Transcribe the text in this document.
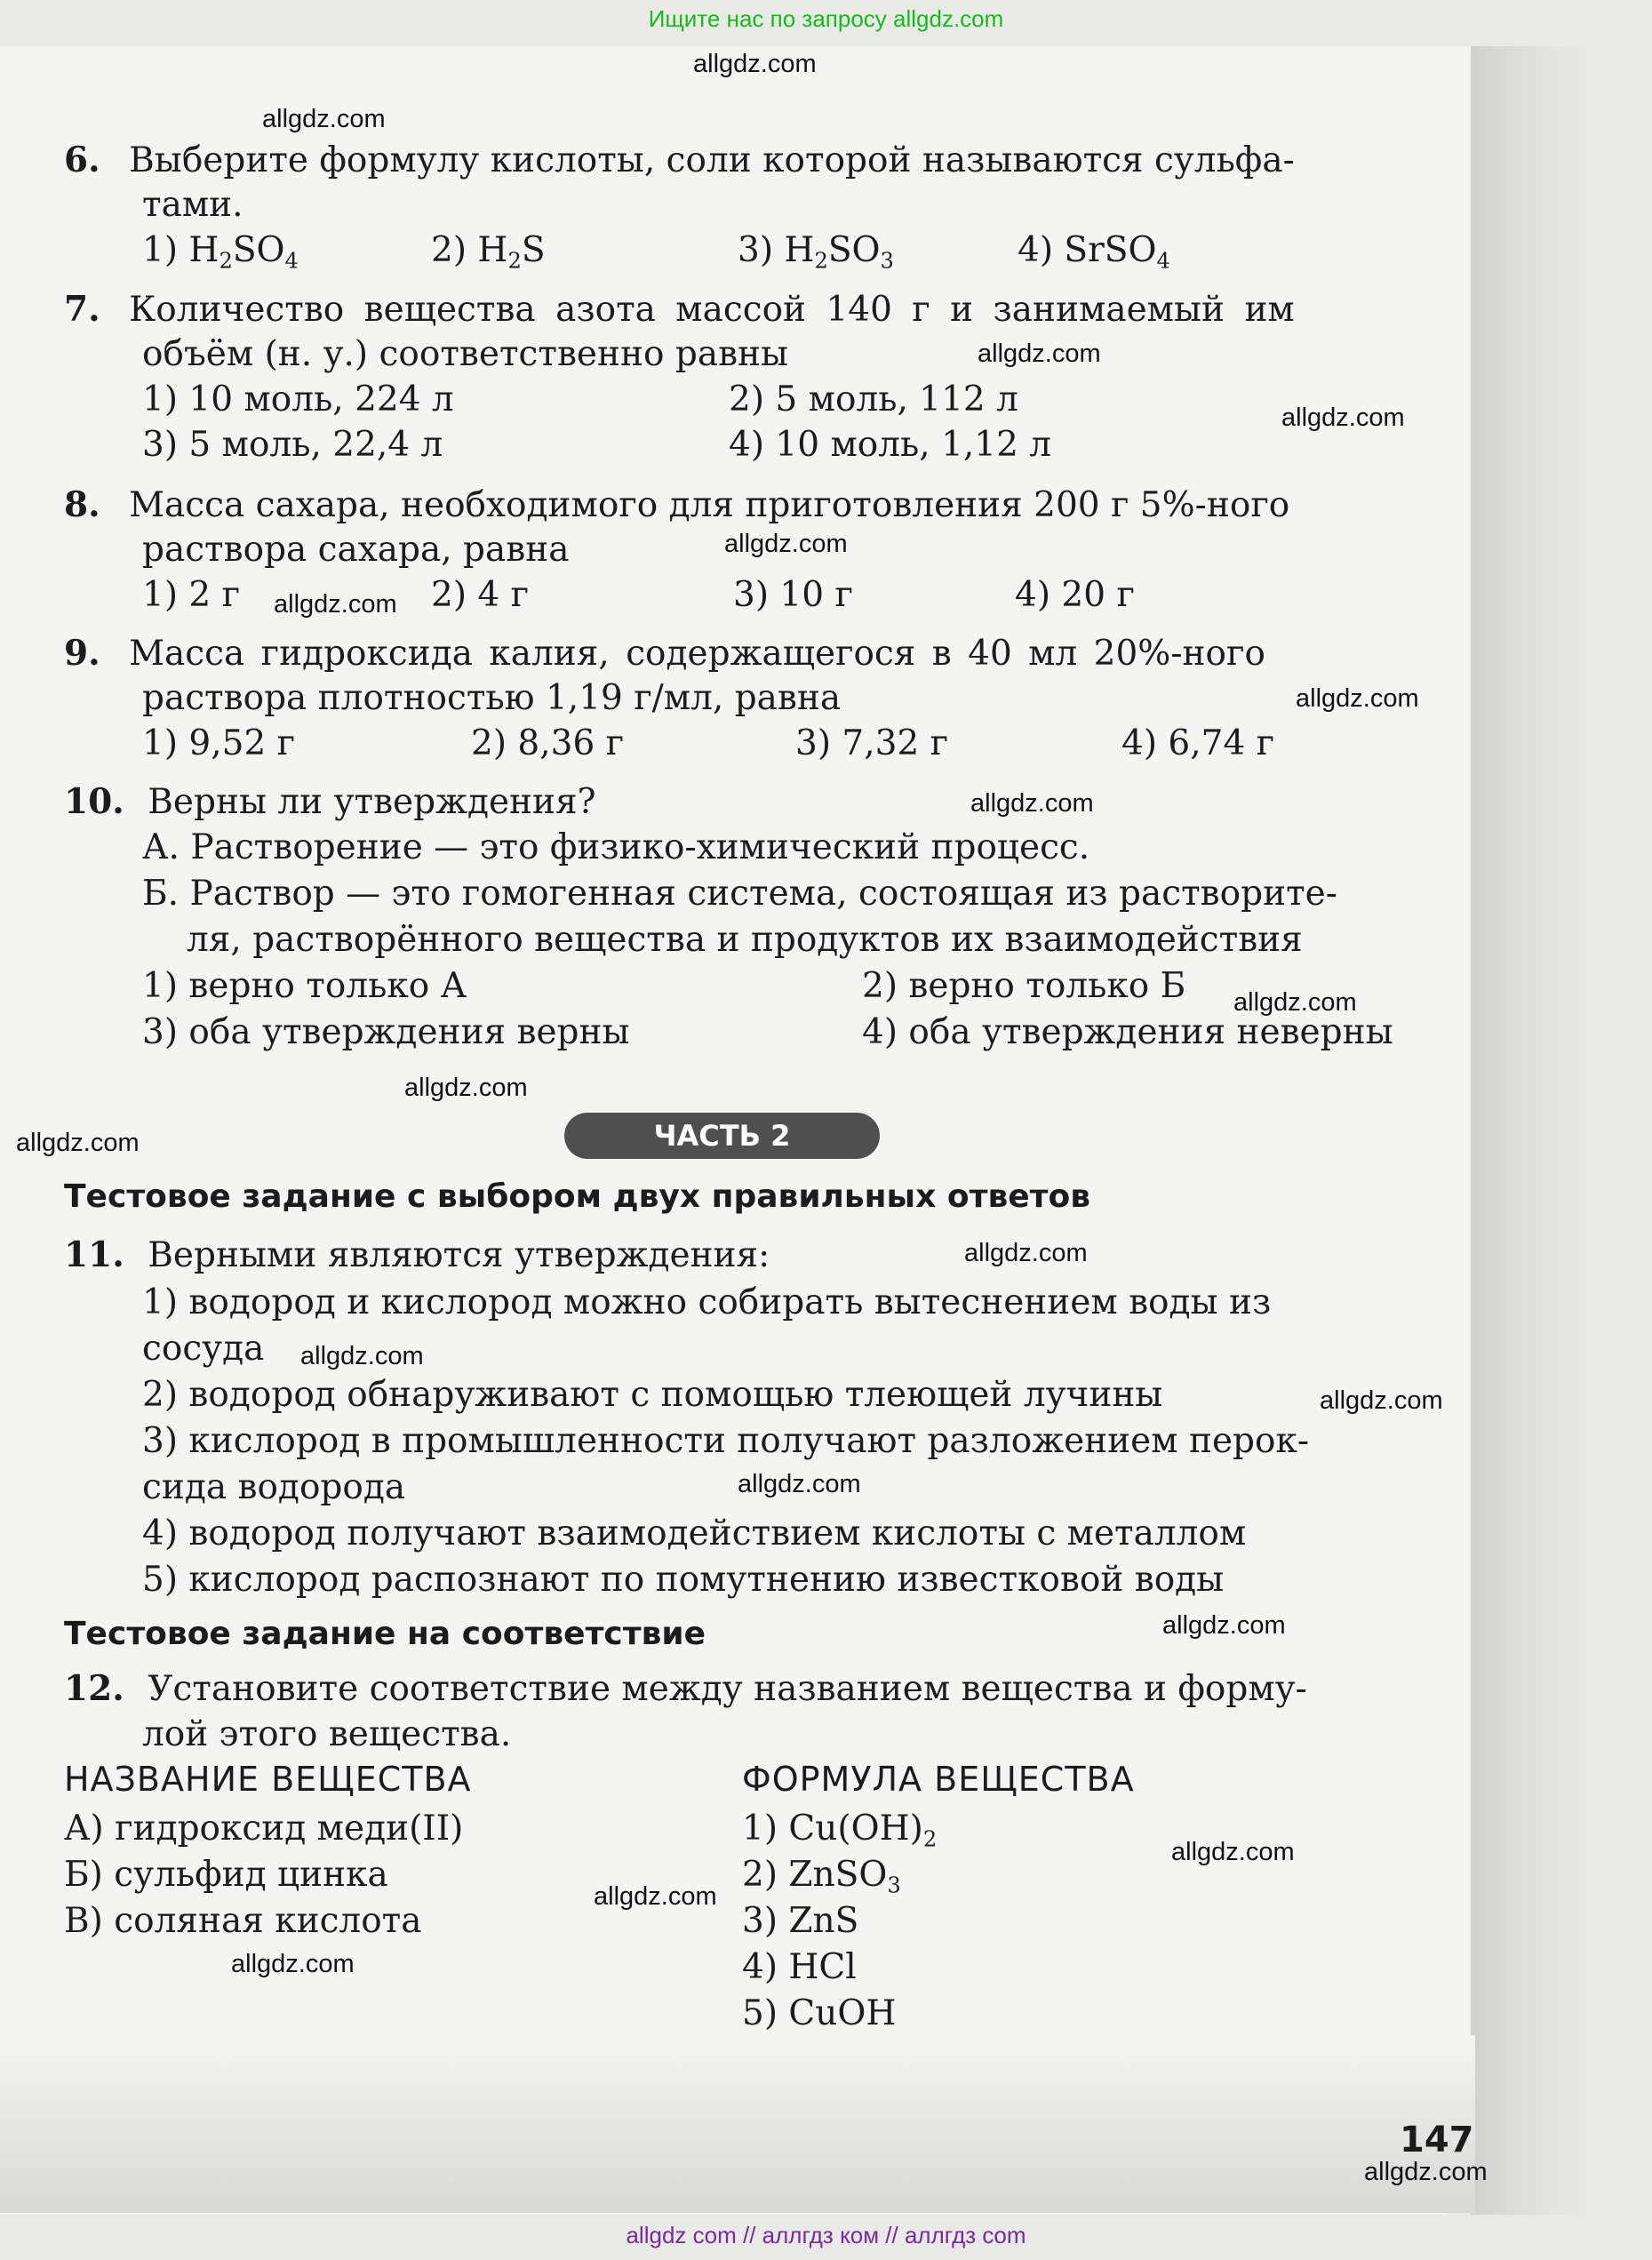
Ищите нас по запросу allgdz.com
allgdz.com
allgdz.com
allgdz.com
allgdz.com
allgdz.com
allgdz.com
allgdz.com
allgdz.com
allgdz.com
allgdz.com
allgdz.com
allgdz.com
allgdz.com
allgdz.com
allgdz.com
allgdz.com
allgdz.com
allgdz.com
allgdz.com
allgdz.com
6. Выберите формулу кислоты, соли которой называются сульфа-
тами.
1) $H_2SO_4$	2) $H_2S$	3) $H_2SO_3$	4) SrSO$_4$
7. Количество вещества азота массой 140 г и занимаемый им
объём (н. у.) соответственно равны
1) 10 моль, 224 л	2) 5 моль, 112 л
3) 5 моль, 22,4 л	4) 10 моль, 1,12 л
8. Масса сахара, необходимого для приготовления 200 г 5%-ного
раствора сахара, равна
1) 2 г	2) 4 г	3) 10 г	4) 20 г
9. Масса гидроксида калия, содержащегося в 40 мл 20%-ного
раствора плотностью 1,19 г/мл, равна
1) 9,52 г	2) 8,36 г	3) 7,32 г	4) 6,74 г
10. Верны ли утверждения?
А. Растворение — это физико-химический процесс.
Б. Раствор — это гомогенная система, состоящая из растворите-
ля, растворённого вещества и продуктов их взаимодействия
1) верно только А	2) верно только Б
3) оба утверждения верны	4) оба утверждения неверны
ЧАСТЬ 2
Тестовое задание с выбором двух правильных ответов
11. Верными являются утверждения:
1) водород и кислород можно собирать вытеснением воды из
сосуда
2) водород обнаруживают с помощью тлеющей лучины
3) кислород в промышленности получают разложением перок-
сида водорода
4) водород получают взаимодействием кислоты с металлом
5) кислород распознают по помутнению известковой воды
Тестовое задание на соответствие
12. Установите соответствие между названием вещества и форму-
лой этого вещества.
НАЗВАНИЕ ВЕЩЕСТВА	ФОРМУЛА ВЕЩЕСТВА
А) гидроксид меди(II)
Б) сульфид цинка
В) соляная кислота
1) $Cu(OH)_2$
2) ZnSO$_3$
3) ZnS
4) HCl
5) CuOH
147
allgdz com // аллгдз ком // аллгдз com
